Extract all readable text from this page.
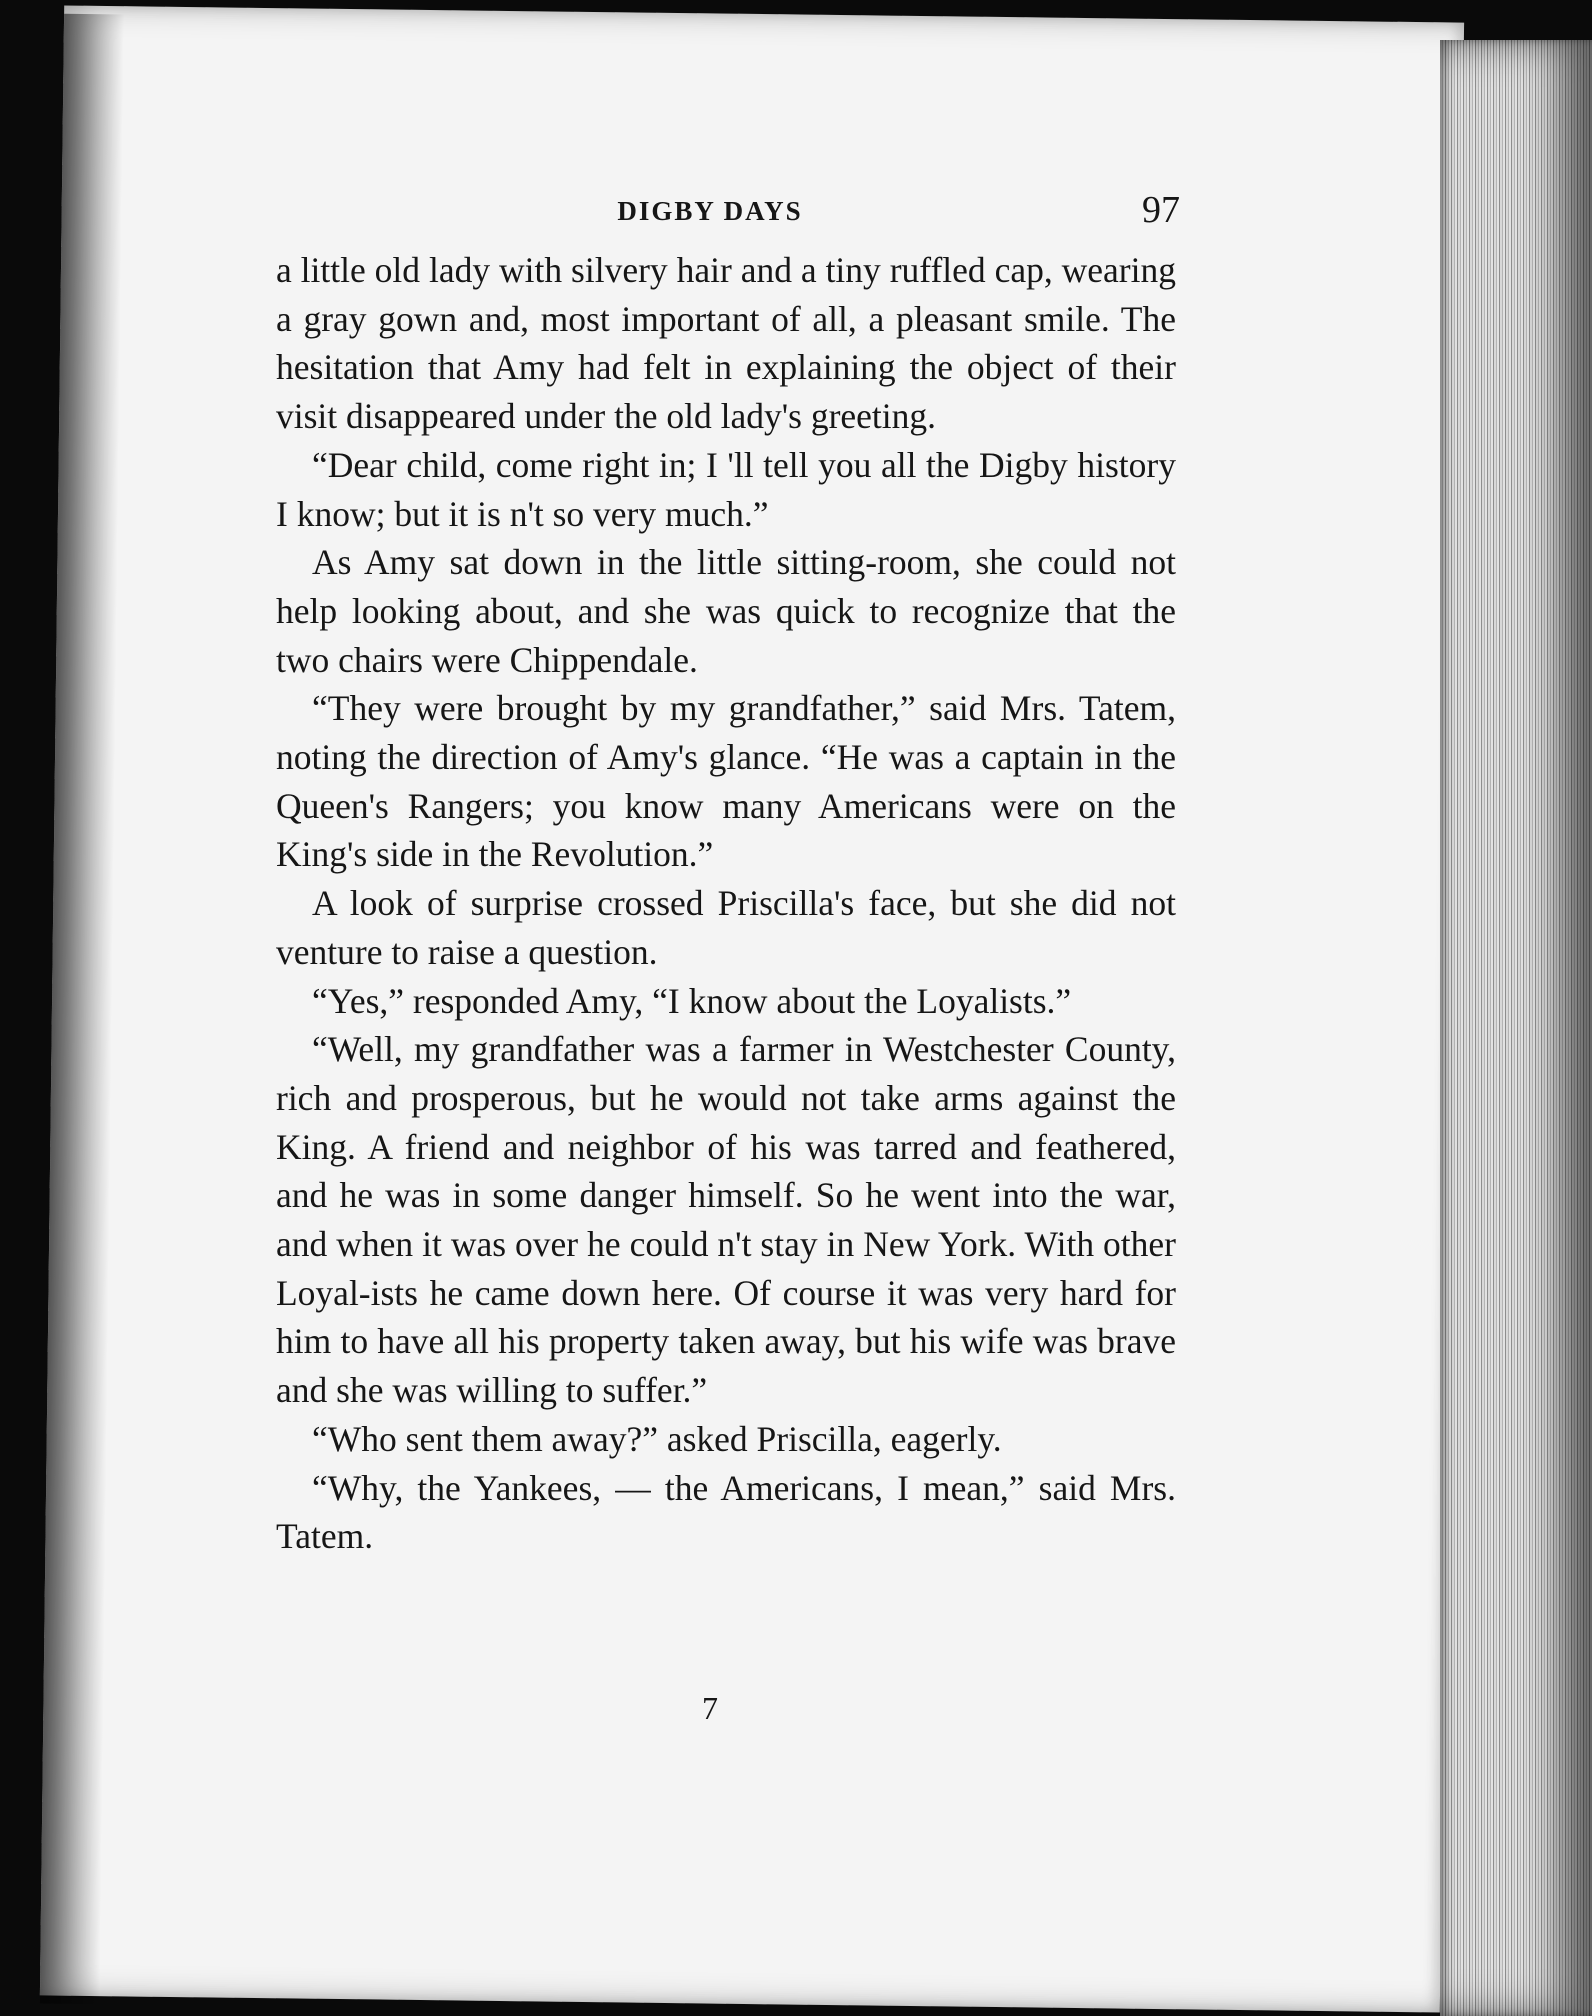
DIGBY DAYS	97

a little old lady with silvery hair and a tiny ruffled cap, wearing a gray gown and, most important of all, a pleasant smile. The hesitation that Amy had felt in explaining the object of their visit disappeared under the old lady's greeting.

“Dear child, come right in; I 'll tell you all the Digby history I know; but it is n't so very much.”

As Amy sat down in the little sitting-room, she could not help looking about, and she was quick to recognize that the two chairs were Chippendale.

“They were brought by my grandfather,” said Mrs. Tatem, noting the direction of Amy's glance. “He was a captain in the Queen's Rangers; you know many Americans were on the King's side in the Revolution.”

A look of surprise crossed Priscilla's face, but she did not venture to raise a question.

“Yes,” responded Amy, “I know about the Loyalists.”

“Well, my grandfather was a farmer in Westchester County, rich and prosperous, but he would not take arms against the King. A friend and neighbor of his was tarred and feathered, and he was in some danger himself. So he went into the war, and when it was over he could n't stay in New York. With other Loyal-ists he came down here. Of course it was very hard for him to have all his property taken away, but his wife was brave and she was willing to suffer.”

“Who sent them away?” asked Priscilla, eagerly.

“Why, the Yankees, — the Americans, I mean,” said Mrs. Tatem.

7
